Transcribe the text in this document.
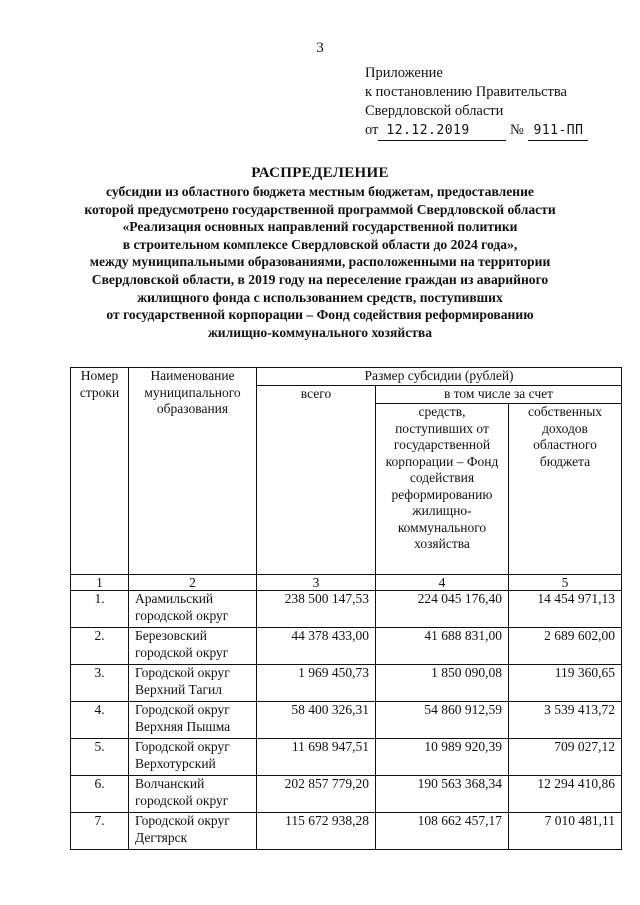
3
Приложение
к постановлению Правительства
Свердловской области
от 12.12.2019	№ 911-ПП
РАСПРЕДЕЛЕНИЕ
субсидии из областного бюджета местным бюджетам, предоставление
которой предусмотрено государственной программой Свердловской области
«Реализация основных направлений государственной политики
в строительном комплексе Свердловской области до 2024 года»,
между муниципальными образованиями, расположенными на территории
Свердловской области, в 2019 году на переселение граждан из аварийного
жилищного фонда с использованием средств, поступивших
от государственной корпорации – Фонд содействия реформированию
жилищно-коммунального хозяйства
Номер строки	Наименование муниципального образования	Размер субсидии (рублей)		
		всего	в том числе за счет	
			средств, поступивших от государственной корпорации – Фонд содействия реформированию жилищно-коммунального хозяйства	собственных доходов областного бюджета
1	2	3	4	5
1.	Арамильский городской округ	238 500 147,53	224 045 176,40	14 454 971,13
2.	Березовский городской округ	44 378 433,00	41 688 831,00	2 689 602,00
3.	Городской округ Верхний Тагил	1 969 450,73	1 850 090,08	119 360,65
4.	Городской округ Верхняя Пышма	58 400 326,31	54 860 912,59	3 539 413,72
5.	Городской округ Верхотурский	11 698 947,51	10 989 920,39	709 027,12
6.	Волчанский городской округ	202 857 779,20	190 563 368,34	12 294 410,86
7.	Городской округ Дегтярск	115 672 938,28	108 662 457,17	7 010 481,11
